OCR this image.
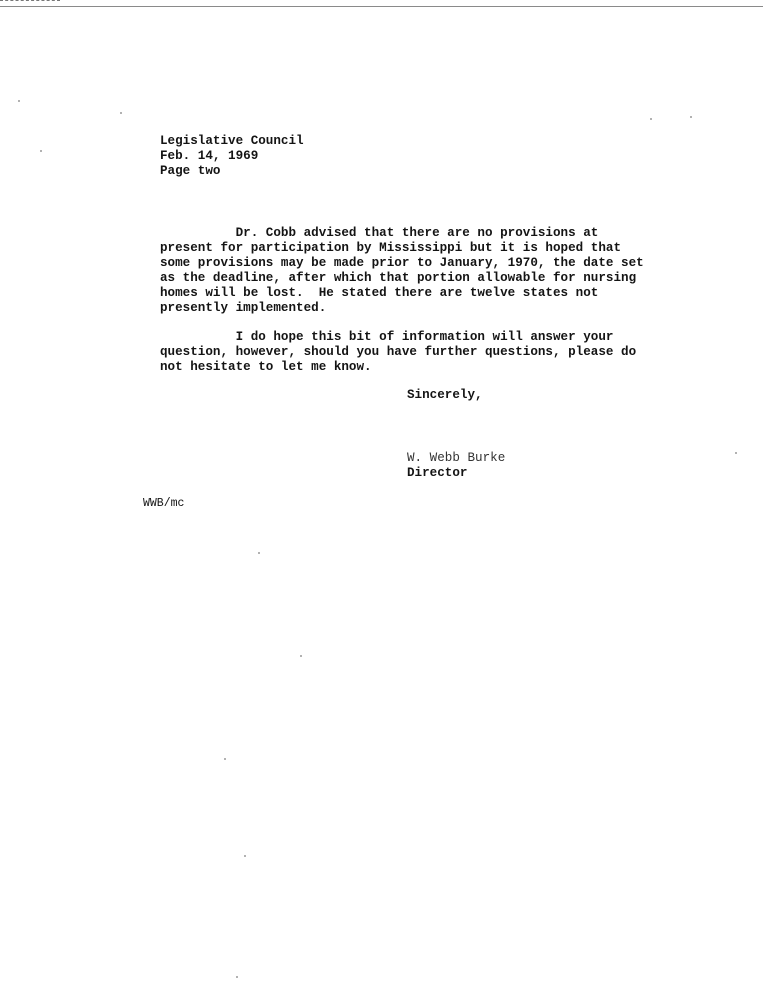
Legislative Council
Feb. 14, 1969
Page two
Dr. Cobb advised that there are no provisions at
present for participation by Mississippi but it is hoped that
some provisions may be made prior to January, 1970, the date set
as the deadline, after which that portion allowable for nursing
homes will be lost.  He stated there are twelve states not
presently implemented.
I do hope this bit of information will answer your
question, however, should you have further questions, please do
not hesitate to let me know.
Sincerely,
W. Webb Burke
Director
WWB/mc
